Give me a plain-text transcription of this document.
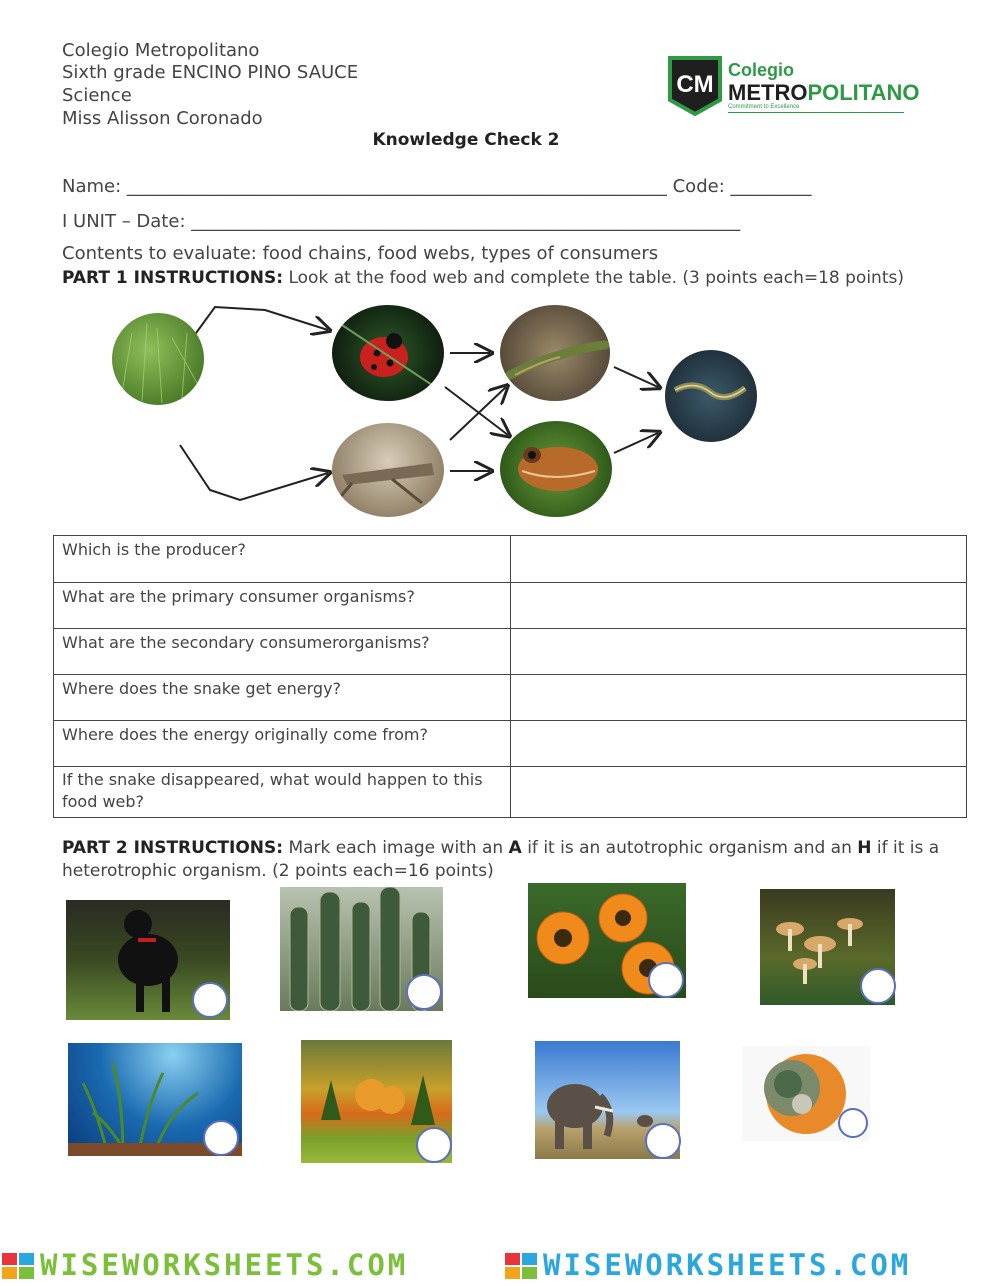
Colegio Metropolitano
Sixth grade ENCINO PINO SAUCE
Science
Miss Alisson Coronado
CM
Colegio
METROPOLITANO
Commitment to Excellence
Knowledge Check 2
Name: ____________________________________________________________ Code: _________
I UNIT – Date: _____________________________________________________________
Contents to evaluate: food chains, food webs, types of consumers
PART 1 INSTRUCTIONS: Look at the food web and complete the table. (3 points each=18 points)
Which is the producer?	
What are the primary consumer organisms?	
What are the secondary consumerorganisms?	
Where does the snake get energy?	
Where does the energy originally come from?	
If the snake disappeared, what would happen to this food web?	
PART 2 INSTRUCTIONS: Mark each image with an A if it is an autotrophic organism and an H if it is a
heterotrophic organism. (2 points each=16 points)
WISEWORKSHEETS.COM	WISEWORKSHEETS.COM
